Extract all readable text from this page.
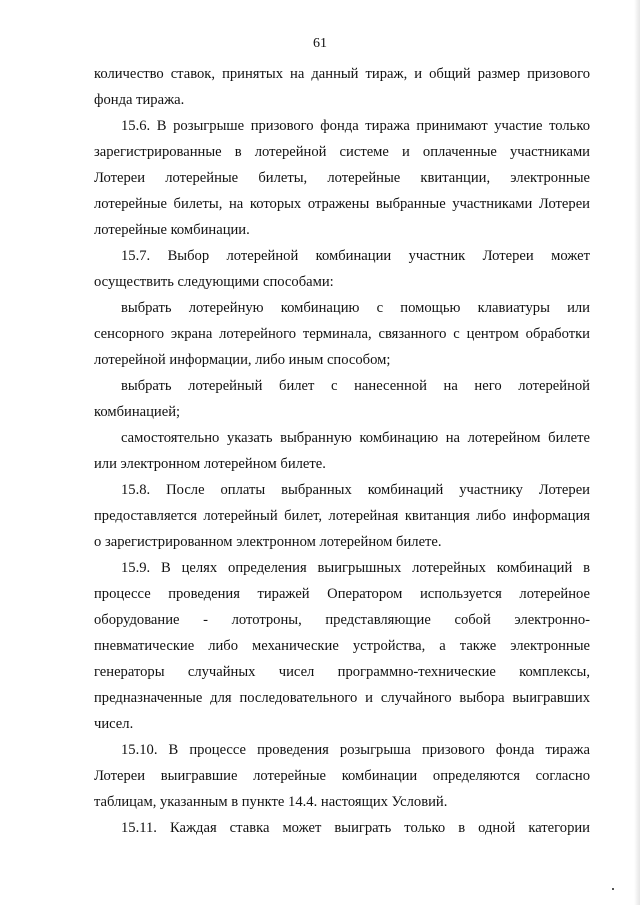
61
количество ставок, принятых на данный тираж, и общий размер призового
фонда тиража.
15.6. В розыгрыше призового фонда тиража принимают участие только
зарегистрированные в лотерейной системе и оплаченные участниками
Лотереи лотерейные билеты, лотерейные квитанции, электронные
лотерейные билеты, на которых отражены выбранные участниками Лотереи
лотерейные комбинации.
15.7. Выбор лотерейной комбинации участник Лотереи может
осуществить следующими способами:
выбрать лотерейную комбинацию с помощью клавиатуры или
сенсорного экрана лотерейного терминала, связанного с центром обработки
лотерейной информации, либо иным способом;
выбрать лотерейный билет с нанесенной на него лотерейной
комбинацией;
самостоятельно указать выбранную комбинацию на лотерейном билете
или электронном лотерейном билете.
15.8. После оплаты выбранных комбинаций участнику Лотереи
предоставляется лотерейный билет, лотерейная квитанция либо информация
о зарегистрированном электронном лотерейном билете.
15.9. В целях определения выигрышных лотерейных комбинаций в
процессе проведения тиражей Оператором используется лотерейное
оборудование - лототроны, представляющие собой электронно-
пневматические либо механические устройства, а также электронные
генераторы случайных чисел программно-технические комплексы,
предназначенные для последовательного и случайного выбора выигравших
чисел.
15.10. В процессе проведения розыгрыша призового фонда тиража
Лотереи выигравшие лотерейные комбинации определяются согласно
таблицам, указанным в пункте 14.4. настоящих Условий.
15.11. Каждая ставка может выиграть только в одной категории
